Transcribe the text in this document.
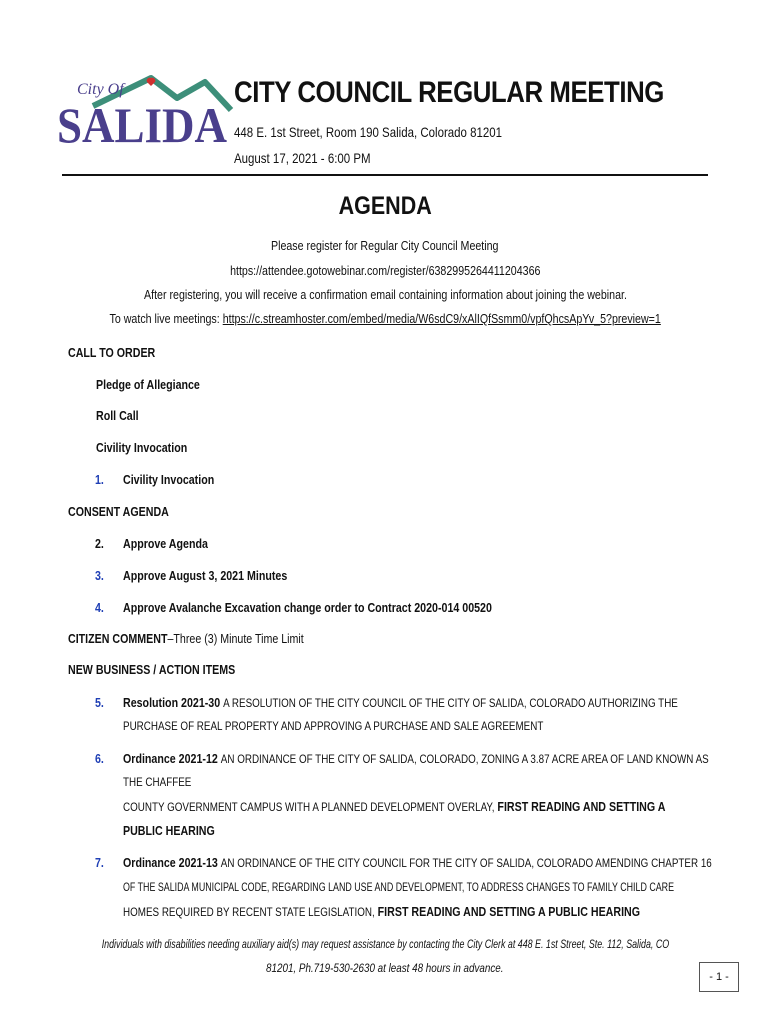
City Of
SALIDA
CITY COUNCIL REGULAR MEETING
448 E. 1st Street, Room 190 Salida, Colorado 81201
August 17, 2021 - 6:00 PM
AGENDA
Please register for Regular City Council Meeting
https://attendee.gotowebinar.com/register/6382995264411204366
After registering, you will receive a confirmation email containing information about joining the webinar.
To watch live meetings: https://c.streamhoster.com/embed/media/W6sdC9/xAlIQfSsmm0/vpfQhcsApYv_5?preview=1
CALL TO ORDER
Pledge of Allegiance
Roll Call
Civility Invocation
1. Civility Invocation
CONSENT AGENDA
2. Approve Agenda
3. Approve August 3, 2021 Minutes
4. Approve Avalanche Excavation change order to Contract 2020-014 00520
CITIZEN COMMENT–Three (3) Minute Time Limit
NEW BUSINESS / ACTION ITEMS
5. Resolution 2021-30 A RESOLUTION OF THE CITY COUNCIL OF THE CITY OF SALIDA, COLORADO AUTHORIZING THE
PURCHASE OF REAL PROPERTY AND APPROVING A PURCHASE AND SALE AGREEMENT
6. Ordinance 2021-12 AN ORDINANCE OF THE CITY OF SALIDA, COLORADO, ZONING A 3.87 ACRE AREA OF LAND KNOWN AS
THE CHAFFEE
COUNTY GOVERNMENT CAMPUS WITH A PLANNED DEVELOPMENT OVERLAY, FIRST READING AND SETTING A
PUBLIC HEARING
7. Ordinance 2021-13 AN ORDINANCE OF THE CITY COUNCIL FOR THE CITY OF SALIDA, COLORADO AMENDING CHAPTER 16
OF THE SALIDA MUNICIPAL CODE, REGARDING LAND USE AND DEVELOPMENT, TO ADDRESS CHANGES TO FAMILY CHILD CARE
HOMES REQUIRED BY RECENT STATE LEGISLATION, FIRST READING AND SETTING A PUBLIC HEARING
Individuals with disabilities needing auxiliary aid(s) may request assistance by contacting the City Clerk at 448 E. 1st Street, Ste. 112, Salida, CO
81201, Ph.719-530-2630 at least 48 hours in advance.
- 1 -
